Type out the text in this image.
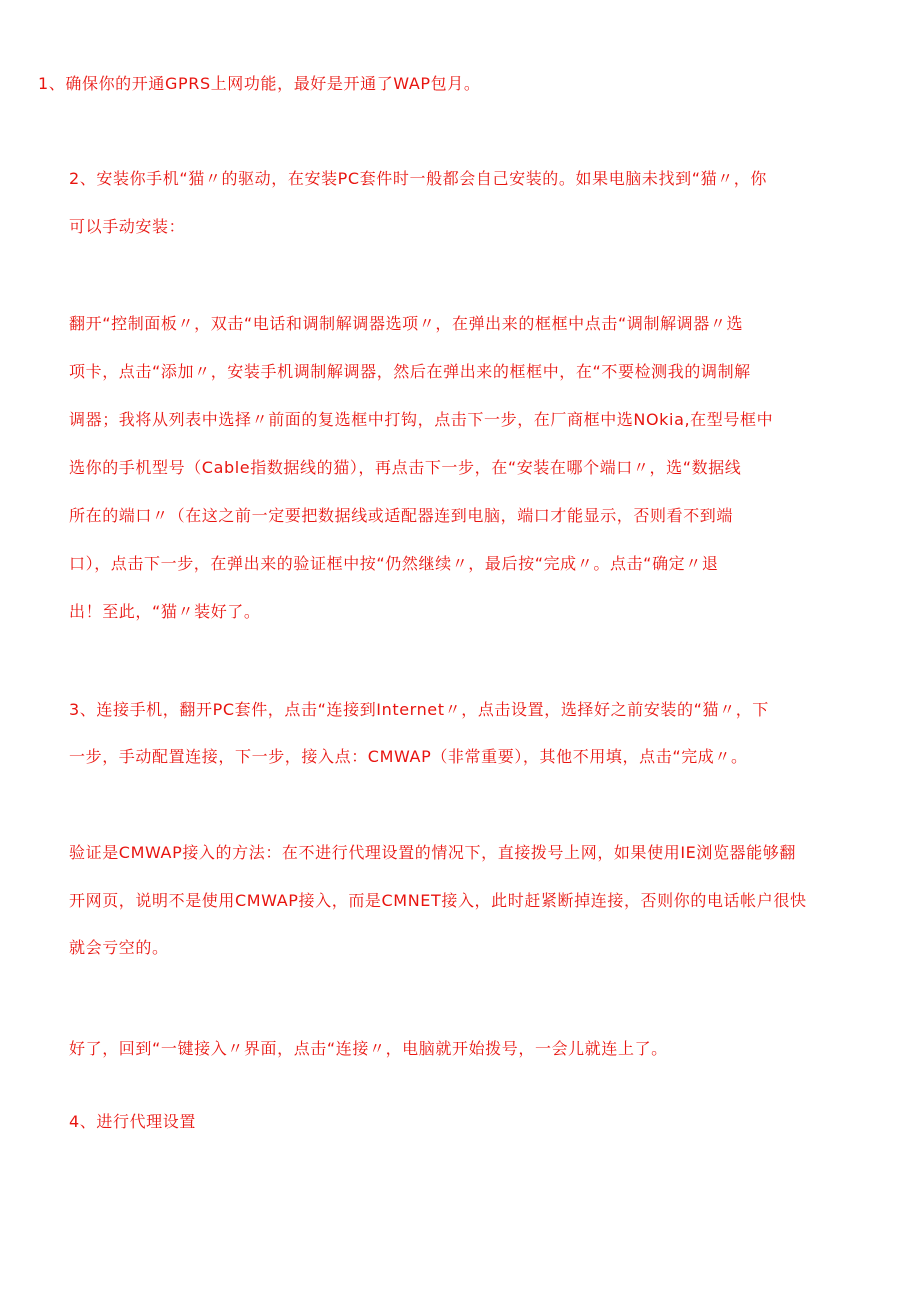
1、确保你的开通GPRS上网功能，最好是开通了WAP包月。
2、安装你手机“猫〃的驱动，在安装PC套件时一般都会自己安装的。如果电脑未找到“猫〃，你
可以手动安装：
翻开“控制面板〃，双击“电话和调制解调器选项〃，在弹出来的框框中点击“调制解调器〃选
项卡，点击“添加〃，安装手机调制解调器，然后在弹出来的框框中，在“不要检测我的调制解
调器；我将从列表中选择〃前面的复选框中打钩，点击下一步，在厂商框中选NOkia,在型号框中
选你的手机型号（Cable指数据线的猫），再点击下一步，在“安装在哪个端口〃，选“数据线
所在的端口〃（在这之前一定要把数据线或适配器连到电脑，端口才能显示，否则看不到端
口），点击下一步，在弹出来的验证框中按“仍然继续〃，最后按“完成〃。点击“确定〃退
出！至此，“猫〃装好了。
3、连接手机，翻开PC套件，点击“连接到Internet〃，点击设置，选择好之前安装的“猫〃，下
一步，手动配置连接，下一步，接入点：CMWAP（非常重要），其他不用填，点击“完成〃。
验证是CMWAP接入的方法：在不进行代理设置的情况下，直接拨号上网，如果使用IE浏览器能够翻
开网页，说明不是使用CMWAP接入，而是CMNET接入，此时赶紧断掉连接，否则你的电话帐户很快
就会亏空的。
好了，回到“一键接入〃界面，点击“连接〃，电脑就开始拨号，一会儿就连上了。
4、进行代理设置
